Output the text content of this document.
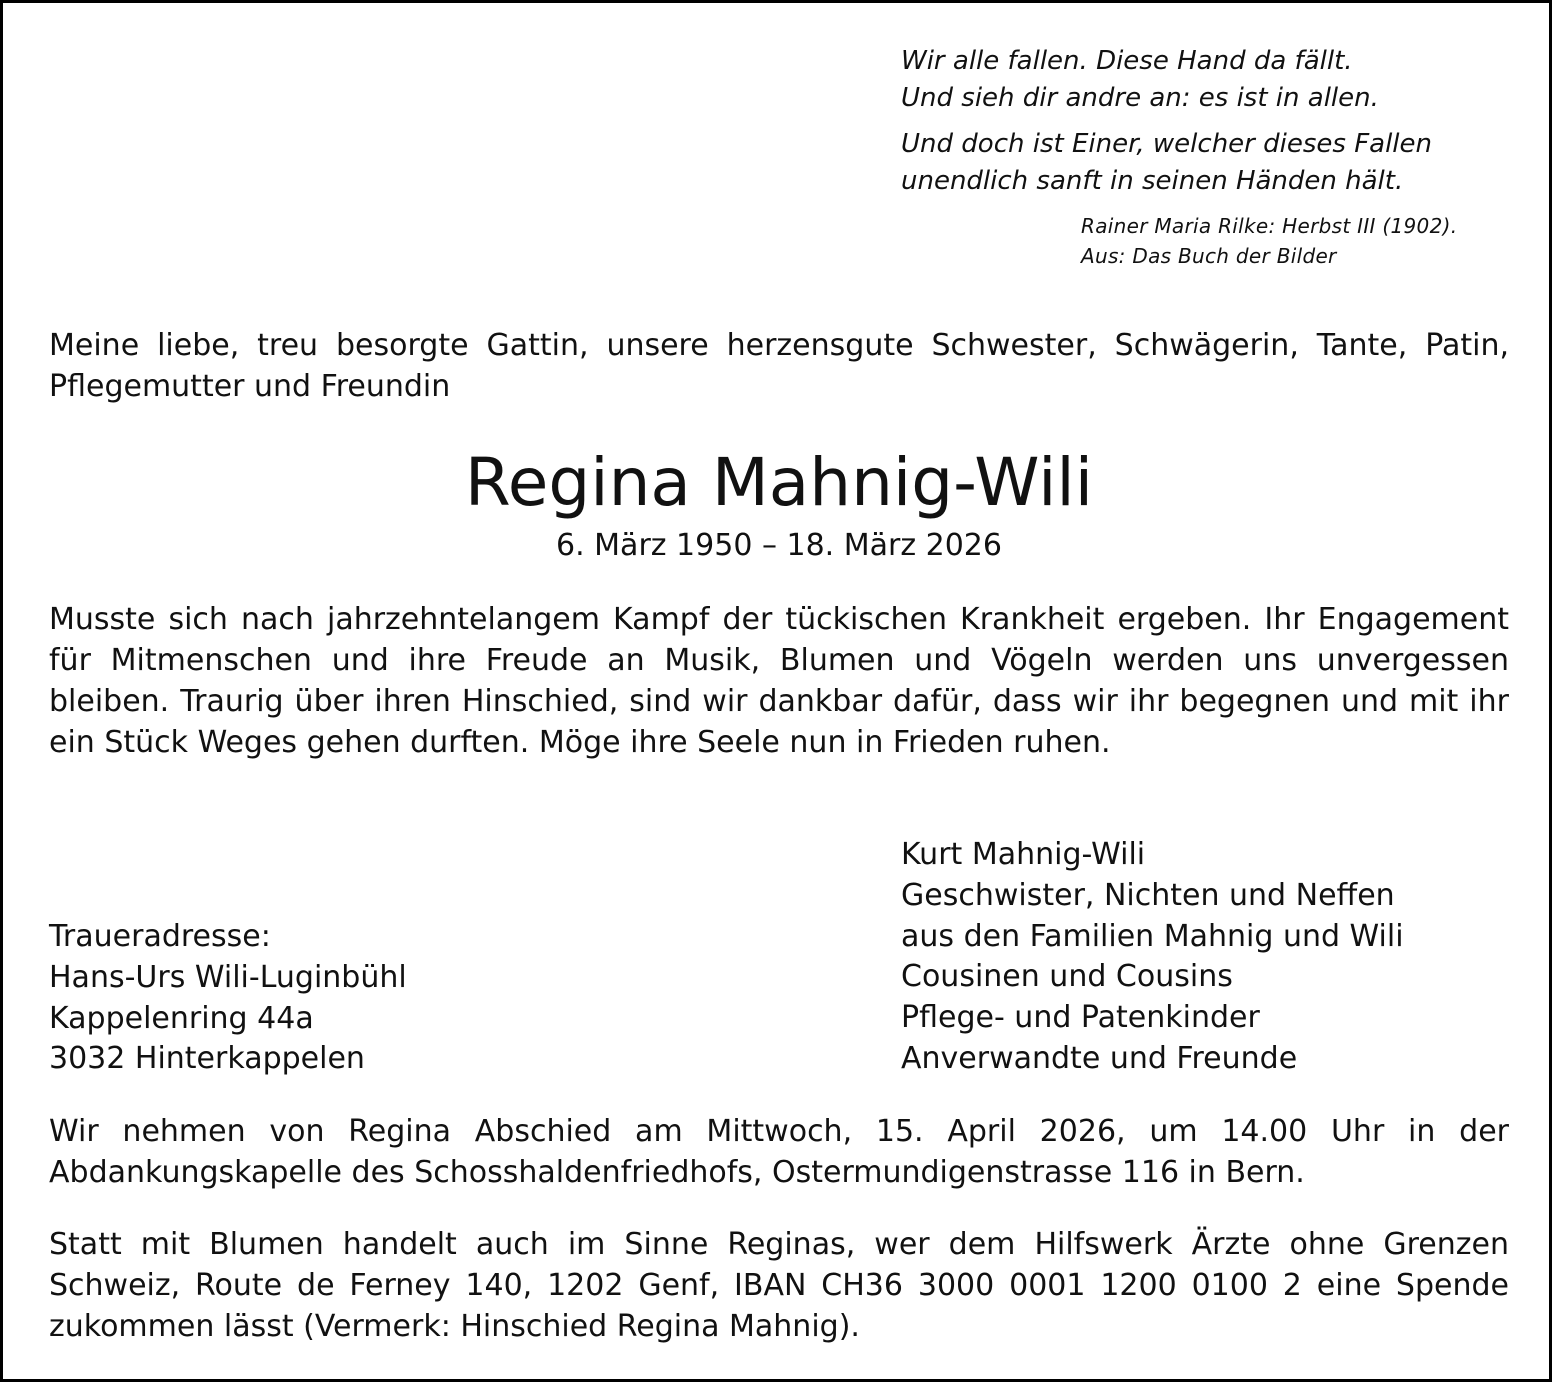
Wir alle fallen. Diese Hand da fällt.
Und sieh dir andre an: es ist in allen.

Und doch ist Einer, welcher dieses Fallen
unendlich sanft in seinen Händen hält.

Rainer Maria Rilke: Herbst III (1902).
Aus: Das Buch der Bilder

Meine liebe, treu besorgte Gattin, unsere herzensgute Schwester, Schwägerin, Tante, Patin, Pflegemutter und Freundin

Regina Mahnig-Wili
6. März 1950 – 18. März 2026

Musste sich nach jahrzehntelangem Kampf der tückischen Krankheit ergeben. Ihr Engagement für Mitmenschen und ihre Freude an Musik, Blumen und Vögeln werden uns unvergessen bleiben. Traurig über ihren Hinschied, sind wir dankbar dafür, dass wir ihr begegnen und mit ihr ein Stück Weges gehen durften. Möge ihre Seele nun in Frieden ruhen.

Kurt Mahnig-Wili
Geschwister, Nichten und Neffen
aus den Familien Mahnig und Wili
Cousinen und Cousins
Pflege- und Patenkinder
Anverwandte und Freunde
Traueradresse:
Hans-Urs Wili-Luginbühl
Kappelenring 44a
3032 Hinterkappelen

Wir nehmen von Regina Abschied am Mittwoch, 15. April 2026, um 14.00 Uhr in der Abdankungskapelle des Schosshaldenfriedhofs, Ostermundigenstrasse 116 in Bern.

Statt mit Blumen handelt auch im Sinne Reginas, wer dem Hilfswerk Ärzte ohne Grenzen Schweiz, Route de Ferney 140, 1202 Genf, IBAN CH36 3000 0001 1200 0100 2 eine Spende zukommen lässt (Vermerk: Hinschied Regina Mahnig).
